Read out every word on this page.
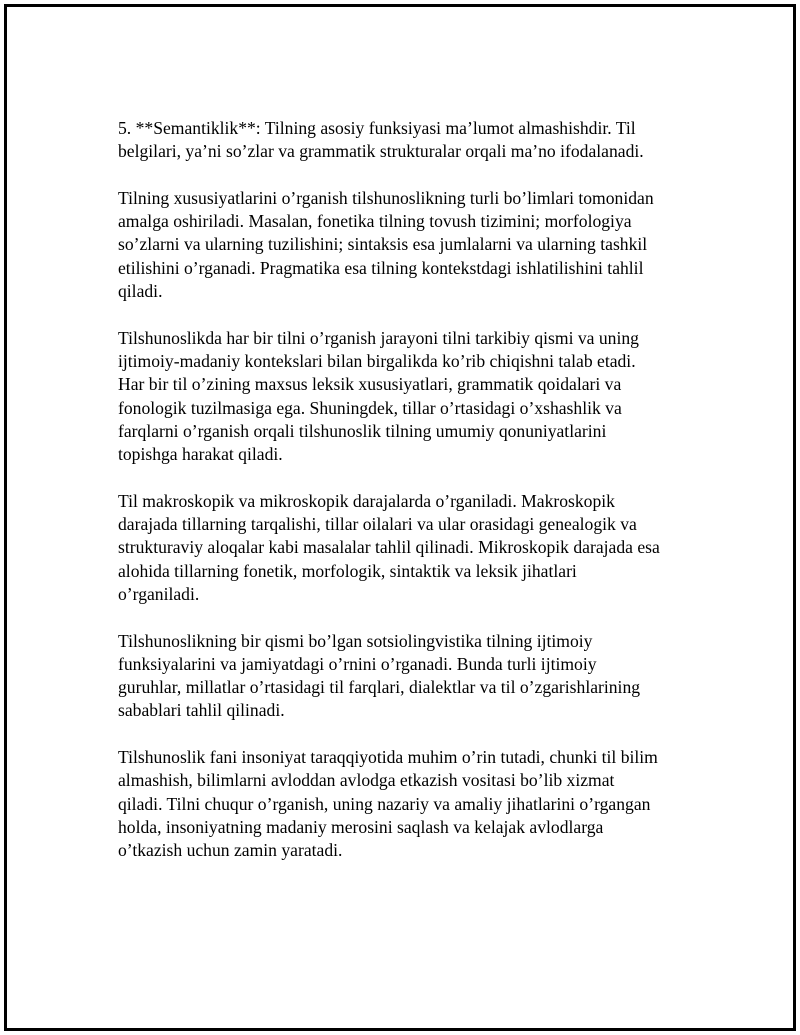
5. **Semantiklik**: Tilning asosiy funksiyasi ma’lumot almashishdir. Til
belgilari, ya’ni so’zlar va grammatik strukturalar orqali ma’no ifodalanadi.

Tilning xususiyatlarini o’rganish tilshunoslikning turli bo’limlari tomonidan
amalga oshiriladi. Masalan, fonetika tilning tovush tizimini; morfologiya
so’zlarni va ularning tuzilishini; sintaksis esa jumlalarni va ularning tashkil
etilishini o’rganadi. Pragmatika esa tilning kontekstdagi ishlatilishini tahlil
qiladi.

Tilshunoslikda har bir tilni o’rganish jarayoni tilni tarkibiy qismi va uning
ijtimoiy-madaniy kontekslari bilan birgalikda ko’rib chiqishni talab etadi.
Har bir til o’zining maxsus leksik xususiyatlari, grammatik qoidalari va
fonologik tuzilmasiga ega. Shuningdek, tillar o’rtasidagi o’xshashlik va
farqlarni o’rganish orqali tilshunoslik tilning umumiy qonuniyatlarini
topishga harakat qiladi.

Til makroskopik va mikroskopik darajalarda o’rganiladi. Makroskopik
darajada tillarning tarqalishi, tillar oilalari va ular orasidagi genealogik va
strukturaviy aloqalar kabi masalalar tahlil qilinadi. Mikroskopik darajada esa
alohida tillarning fonetik, morfologik, sintaktik va leksik jihatlari
o’rganiladi.

Tilshunoslikning bir qismi bo’lgan sotsiolingvistika tilning ijtimoiy
funksiyalarini va jamiyatdagi o’rnini o’rganadi. Bunda turli ijtimoiy
guruhlar, millatlar o’rtasidagi til farqlari, dialektlar va til o’zgarishlarining
sabablari tahlil qilinadi.

Tilshunoslik fani insoniyat taraqqiyotida muhim o’rin tutadi, chunki til bilim
almashish, bilimlarni avloddan avlodga etkazish vositasi bo’lib xizmat
qiladi. Tilni chuqur o’rganish, uning nazariy va amaliy jihatlarini o’rgangan
holda, insoniyatning madaniy merosini saqlash va kelajak avlodlarga
o’tkazish uchun zamin yaratadi.
